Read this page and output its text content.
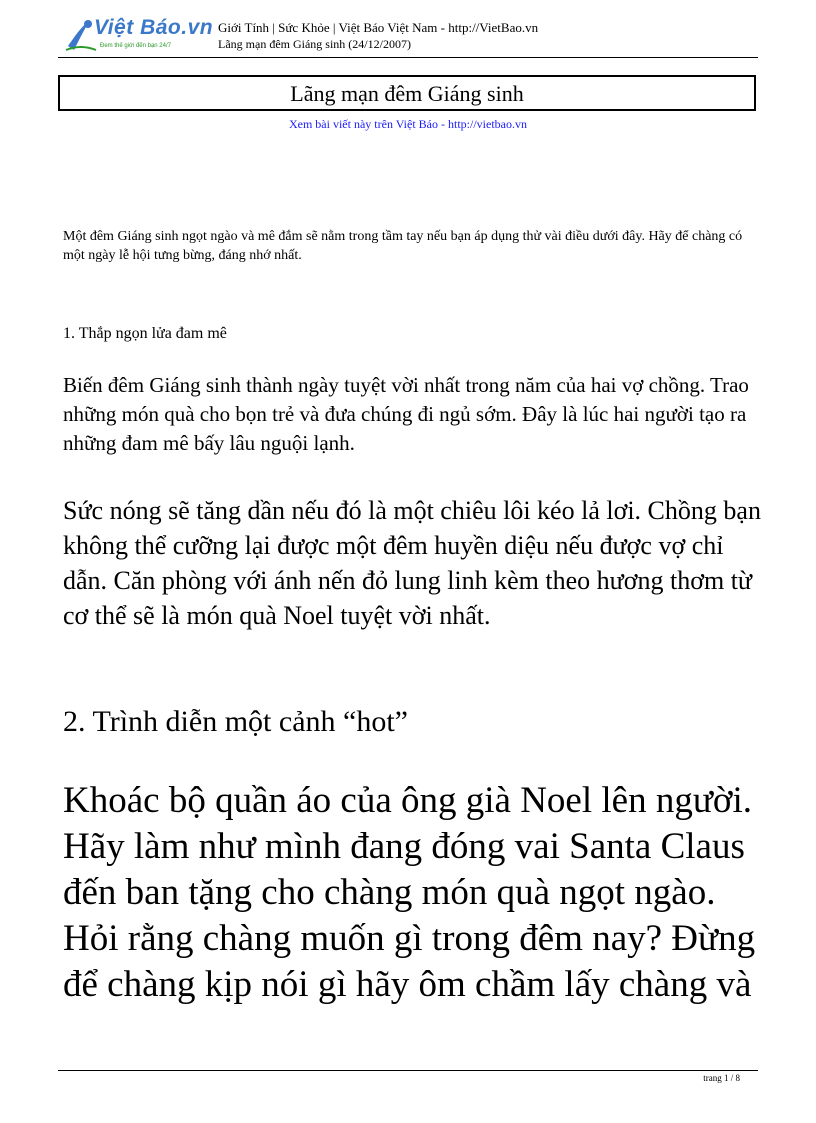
Việt Báo.vn
Đem thế giới đến bạn 24/7
Giới Tính | Sức Khỏe | Việt Báo Việt Nam - http://VietBao.vn
Lãng mạn đêm Giáng sinh (24/12/2007)
Lãng mạn đêm Giáng sinh
Xem bài viết này trên Việt Báo - http://vietbao.vn

Một đêm Giáng sinh ngọt ngào và mê đắm sẽ nằm trong tầm tay nếu bạn áp dụng thử vài điều dưới đây. Hãy để chàng có một ngày lễ hội tưng bừng, đáng nhớ nhất.

1. Thắp ngọn lửa đam mê

Biến đêm Giáng sinh thành ngày tuyệt vời nhất trong năm của hai vợ chồng. Trao những món quà cho bọn trẻ và đưa chúng đi ngủ sớm. Đây là lúc hai người tạo ra những đam mê bấy lâu nguội lạnh.

Sức nóng sẽ tăng dần nếu đó là một chiêu lôi kéo lả lơi. Chồng bạn không thể cưỡng lại được một đêm huyền diệu nếu được vợ chỉ dẫn. Căn phòng với ánh nến đỏ lung linh kèm theo hương thơm từ cơ thể sẽ là món quà Noel tuyệt vời nhất.

2. Trình diễn một cảnh “hot”

Khoác bộ quần áo của ông già Noel lên người. Hãy làm như mình đang đóng vai Santa Claus đến ban tặng cho chàng món quà ngọt ngào. Hỏi rằng chàng muốn gì trong đêm nay? Đừng để chàng kịp nói gì hãy ôm chầm lấy chàng và

trang 1 / 8
